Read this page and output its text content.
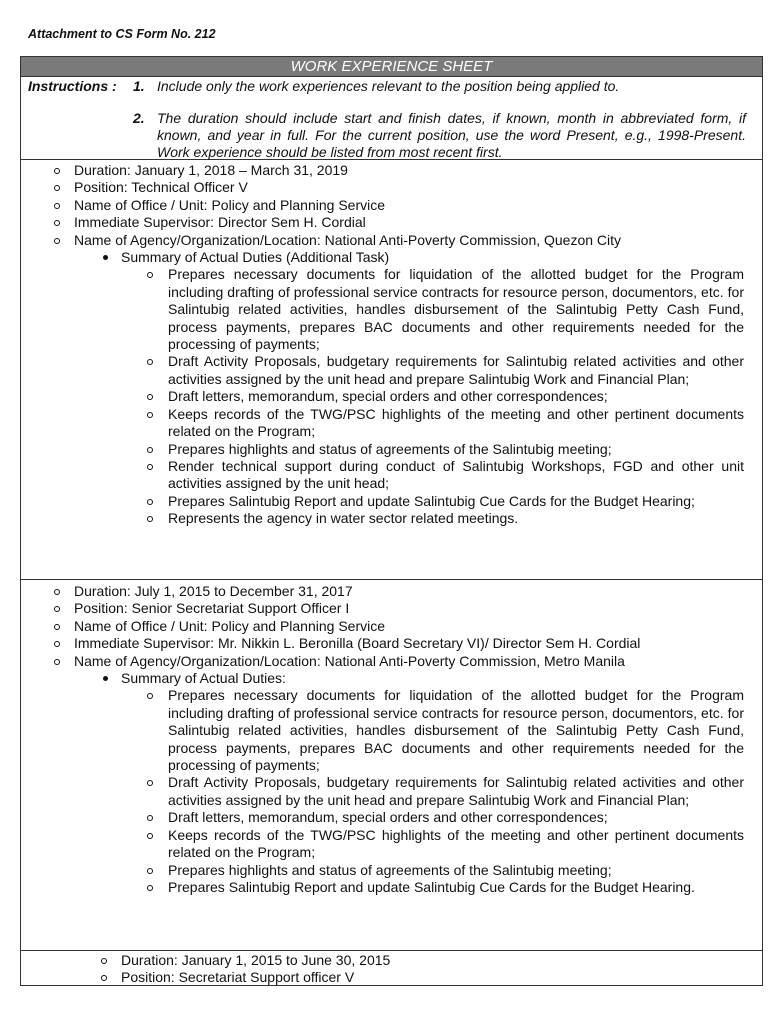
Attachment to CS Form No. 212
WORK EXPERIENCE SHEET
Instructions :	1. Include only the work experiences relevant to the position being applied to.
2. The duration should include start and finish dates, if known, month in abbreviated form, if known, and year in full. For the current position, use the word Present, e.g., 1998-Present. Work experience should be listed from most recent first.
Duration: January 1, 2018 – March 31, 2019
Position: Technical Officer V
Name of Office / Unit: Policy and Planning Service
Immediate Supervisor: Director Sem H. Cordial
Name of Agency/Organization/Location: National Anti-Poverty Commission, Quezon City
Summary of Actual Duties (Additional Task)
Prepares necessary documents for liquidation of the allotted budget for the Program including drafting of professional service contracts for resource person, documentors, etc. for Salintubig related activities, handles disbursement of the Salintubig Petty Cash Fund, process payments, prepares BAC documents and other requirements needed for the processing of payments;
Draft Activity Proposals, budgetary requirements for Salintubig related activities and other activities assigned by the unit head and prepare Salintubig Work and Financial Plan;
Draft letters, memorandum, special orders and other correspondences;
Keeps records of the TWG/PSC highlights of the meeting and other pertinent documents related on the Program;
Prepares highlights and status of agreements of the Salintubig meeting;
Render technical support during conduct of Salintubig Workshops, FGD and other unit activities assigned by the unit head;
Prepares Salintubig Report and update Salintubig Cue Cards for the Budget Hearing;
Represents the agency in water sector related meetings.
Duration: July 1, 2015 to December 31, 2017
Position: Senior Secretariat Support Officer I
Name of Office / Unit: Policy and Planning Service
Immediate Supervisor: Mr. Nikkin L. Beronilla (Board Secretary VI)/ Director Sem H. Cordial
Name of Agency/Organization/Location: National Anti-Poverty Commission, Metro Manila
Summary of Actual Duties:
Prepares necessary documents for liquidation of the allotted budget for the Program including drafting of professional service contracts for resource person, documentors, etc. for Salintubig related activities, handles disbursement of the Salintubig Petty Cash Fund, process payments, prepares BAC documents and other requirements needed for the processing of payments;
Draft Activity Proposals, budgetary requirements for Salintubig related activities and other activities assigned by the unit head and prepare Salintubig Work and Financial Plan;
Draft letters, memorandum, special orders and other correspondences;
Keeps records of the TWG/PSC highlights of the meeting and other pertinent documents related on the Program;
Prepares highlights and status of agreements of the Salintubig meeting;
Prepares Salintubig Report and update Salintubig Cue Cards for the Budget Hearing.
Duration: January 1, 2015 to June 30, 2015
Position: Secretariat Support officer V
